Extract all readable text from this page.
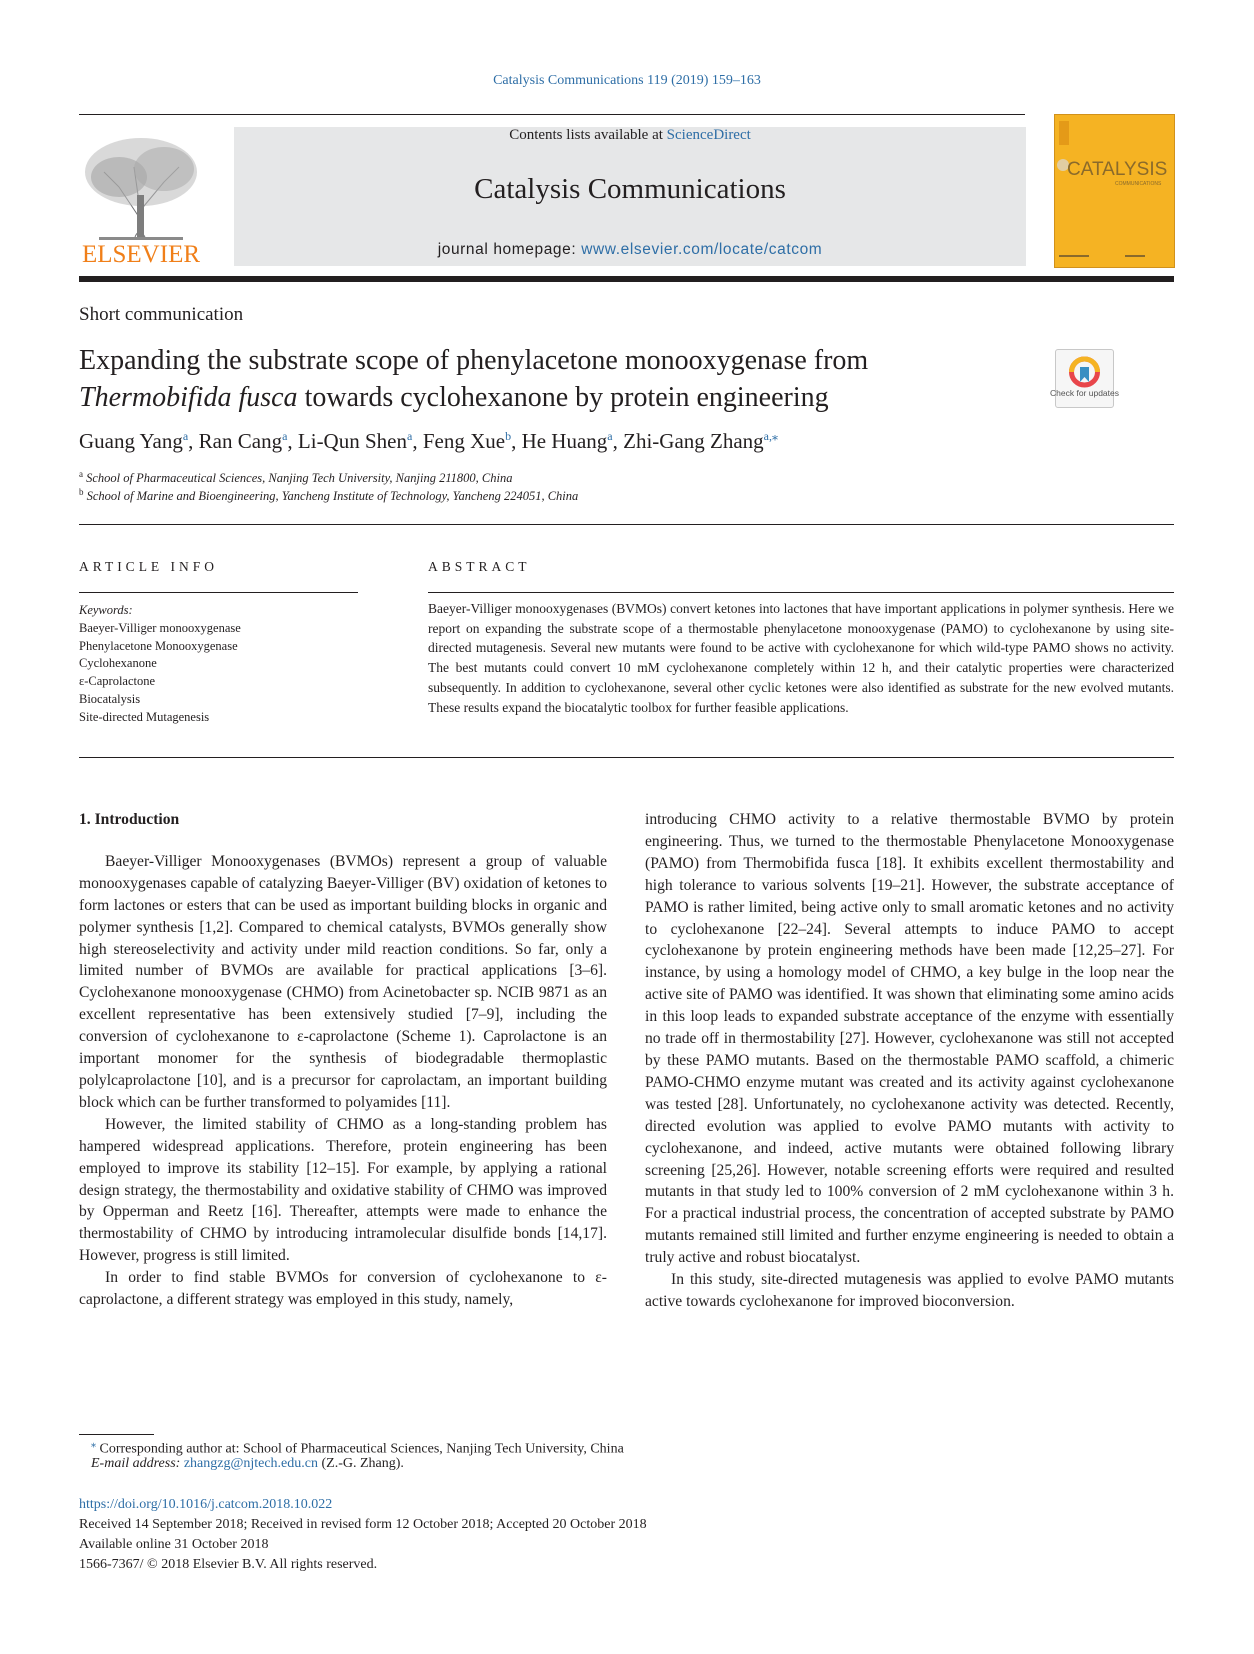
Catalysis Communications 119 (2019) 159–163
ELSEVIER
Contents lists available at ScienceDirect
Catalysis Communications
journal homepage: www.elsevier.com/locate/catcom
CATALYSIS
COMMUNICATIONS
Short communication
Expanding the substrate scope of phenylacetone monooxygenase from
Thermobifida fusca towards cyclohexanone by protein engineering	Check for updates
Guang Yang$^a$, Ran Cang$^a$, Li-Qun Shen$^a$, Feng Xue$^b$, He Huang$^a$, Zhi-Gang Zhang$^{a,⁎}$
$^a$ School of Pharmaceutical Sciences, Nanjing Tech University, Nanjing 211800, China
$^b$ School of Marine and Bioengineering, Yancheng Institute of Technology, Yancheng 224051, China
ARTICLE INFO	ABSTRACT
Keywords:
Baeyer-Villiger monooxygenase
Phenylacetone Monooxygenase
Cyclohexanone
ε-Caprolactone
Biocatalysis
Site-directed Mutagenesis
Baeyer-Villiger monooxygenases (BVMOs) convert ketones into lactones that have important applications in polymer synthesis. Here we report on expanding the substrate scope of a thermostable phenylacetone monooxygenase (PAMO) to cyclohexanone by using site-directed mutagenesis. Several new mutants were found to be active with cyclohexanone for which wild-type PAMO shows no activity. The best mutants could convert 10 mM cyclohexanone completely within 12 h, and their catalytic properties were characterized subsequently. In addition to cyclohexanone, several other cyclic ketones were also identified as substrate for the new evolved mutants. These results expand the biocatalytic toolbox for further feasible applications.
1. Introduction

Baeyer-Villiger Monooxygenases (BVMOs) represent a group of valuable monooxygenases capable of catalyzing Baeyer-Villiger (BV) oxidation of ketones to form lactones or esters that can be used as important building blocks in organic and polymer synthesis [1,2]. Compared to chemical catalysts, BVMOs generally show high stereoselectivity and activity under mild reaction conditions. So far, only a limited number of BVMOs are available for practical applications [3–6]. Cyclohexanone monooxygenase (CHMO) from Acinetobacter sp. NCIB 9871 as an excellent representative has been extensively studied [7–9], including the conversion of cyclohexanone to ε-caprolactone (Scheme 1). Caprolactone is an important monomer for the synthesis of biodegradable thermoplastic polylcaprolactone [10], and is a precursor for caprolactam, an important building block which can be further transformed to polyamides [11].

However, the limited stability of CHMO as a long-standing problem has hampered widespread applications. Therefore, protein engineering has been employed to improve its stability [12–15]. For example, by applying a rational design strategy, the thermostability and oxidative stability of CHMO was improved by Opperman and Reetz [16]. Thereafter, attempts were made to enhance the thermostability of CHMO by introducing intramolecular disulfide bonds [14,17]. However, progress is still limited.

In order to find stable BVMOs for conversion of cyclohexanone to ε-caprolactone, a different strategy was employed in this study, namely,

introducing CHMO activity to a relative thermostable BVMO by protein engineering. Thus, we turned to the thermostable Phenylacetone Monooxygenase (PAMO) from Thermobifida fusca [18]. It exhibits excellent thermostability and high tolerance to various solvents [19–21]. However, the substrate acceptance of PAMO is rather limited, being active only to small aromatic ketones and no activity to cyclohexanone [22–24]. Several attempts to induce PAMO to accept cyclohexanone by protein engineering methods have been made [12,25–27]. For instance, by using a homology model of CHMO, a key bulge in the loop near the active site of PAMO was identified. It was shown that eliminating some amino acids in this loop leads to expanded substrate acceptance of the enzyme with essentially no trade off in thermostability [27]. However, cyclohexanone was still not accepted by these PAMO mutants. Based on the thermostable PAMO scaffold, a chimeric PAMO-CHMO enzyme mutant was created and its activity against cyclohexanone was tested [28]. Unfortunately, no cyclohexanone activity was detected. Recently, directed evolution was applied to evolve PAMO mutants with activity to cyclohexanone, and indeed, active mutants were obtained following library screening [25,26]. However, notable screening efforts were required and resulted mutants in that study led to 100% conversion of 2 mM cyclohexanone within 3 h. For a practical industrial process, the concentration of accepted substrate by PAMO mutants remained still limited and further enzyme engineering is needed to obtain a truly active and robust biocatalyst.

In this study, site-directed mutagenesis was applied to evolve PAMO mutants active towards cyclohexanone for improved bioconversion.

⁎ Corresponding author at: School of Pharmaceutical Sciences, Nanjing Tech University, China
E-mail address: zhangzg@njtech.edu.cn (Z.-G. Zhang).
https://doi.org/10.1016/j.catcom.2018.10.022
Received 14 September 2018; Received in revised form 12 October 2018; Accepted 20 October 2018
Available online 31 October 2018
1566-7367/ © 2018 Elsevier B.V. All rights reserved.
